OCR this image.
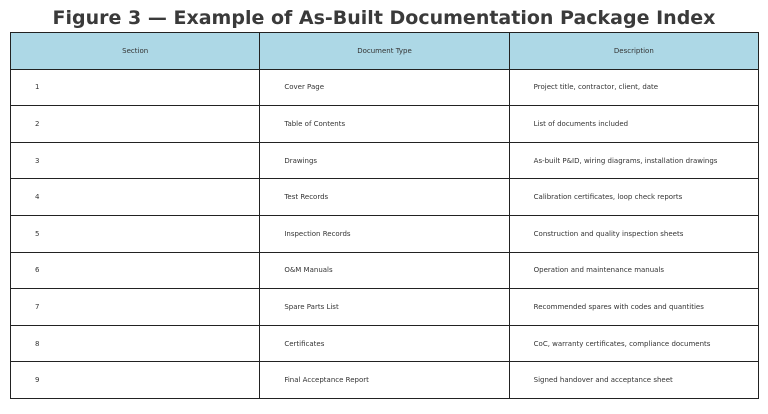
Figure 3 — Example of As-Built Documentation Package Index
Section	Document Type	Description
1	Cover Page	Project title, contractor, client, date
2	Table of Contents	List of documents included
3	Drawings	As-built P&ID, wiring diagrams, installation drawings
4	Test Records	Calibration certificates, loop check reports
5	Inspection Records	Construction and quality inspection sheets
6	O&M Manuals	Operation and maintenance manuals
7	Spare Parts List	Recommended spares with codes and quantities
8	Certificates	CoC, warranty certificates, compliance documents
9	Final Acceptance Report	Signed handover and acceptance sheet
